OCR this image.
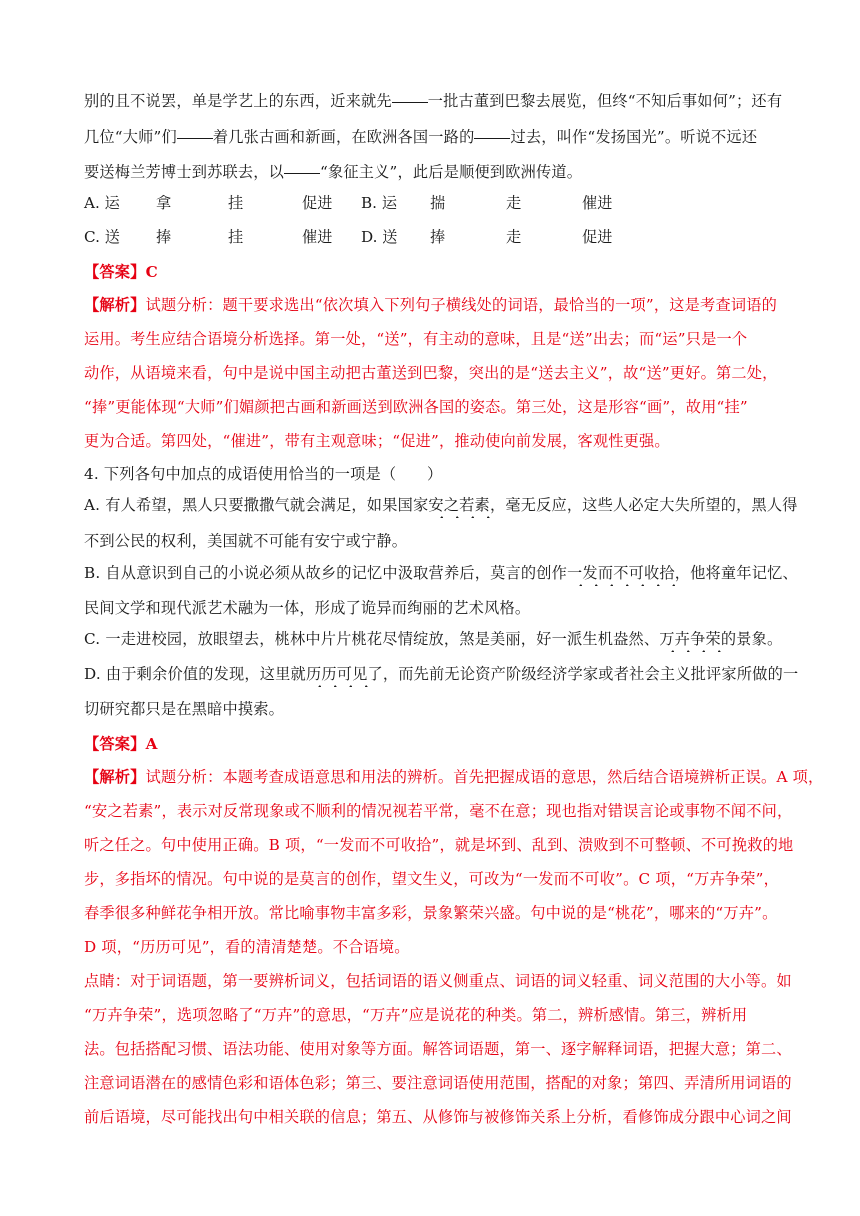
别的且不说罢，单是学艺上的东西，近来就先 一批古董到巴黎去展览，但终“不知后事如何”；还有
几位“大师”们 着几张古画和新画，在欧洲各国一路的 过去，叫作“发扬国光”。听说不远还
要送梅兰芳博士到苏联去，以 “象征主义”，此后是顺便到欧洲传道。
A. 运 拿	挂	促进 B. 运 揣	走	催进
C. 送 捧	挂	催进 D. 送 捧	走	促进
【答案】C
【解析】试题分析：题干要求选出“依次填入下列句子横线处的词语，最恰当的一项”，这是考查词语的
运用。考生应结合语境分析选择。第一处，“送”，有主动的意味，且是“送”出去；而“运”只是一个
动作，从语境来看，句中是说中国主动把古董送到巴黎，突出的是“送去主义”，故“送”更好。第二处，
“捧”更能体现“大师”们媚颜把古画和新画送到欧洲各国的姿态。第三处，这是形容“画”，故用“挂”
更为合适。第四处，“催进”，带有主观意味；“促进”，推动使向前发展，客观性更强。
4. 下列各句中加点的成语使用恰当的一项是（　　）
A. 有人希望，黑人只要撒撒气就会满足，如果国家安之若素，毫无反应，这些人必定大失所望的，黑人得
不到公民的权利，美国就不可能有安宁或宁静。
B. 自从意识到自己的小说必须从故乡的记忆中汲取营养后，莫言的创作一发而不可收拾，他将童年记忆、
民间文学和现代派艺术融为一体，形成了诡异而绚丽的艺术风格。
C. 一走进校园，放眼望去，桃林中片片桃花尽情绽放，煞是美丽，好一派生机盎然、万卉争荣的景象。
D. 由于剩余价值的发现，这里就历历可见了，而先前无论资产阶级经济学家或者社会主义批评家所做的一
切研究都只是在黑暗中摸索。
【答案】A
【解析】试题分析：本题考查成语意思和用法的辨析。首先把握成语的意思，然后结合语境辨析正误。A 项，
“安之若素”，表示对反常现象或不顺利的情况视若平常，毫不在意；现也指对错误言论或事物不闻不问，
听之任之。句中使用正确。B 项，“一发而不可收拾”，就是坏到、乱到、溃败到不可整顿、不可挽救的地
步，多指坏的情况。句中说的是莫言的创作，望文生义，可改为“一发而不可收”。C 项，“万卉争荣”，
春季很多种鲜花争相开放。常比喻事物丰富多彩，景象繁荣兴盛。句中说的是“桃花”，哪来的“万卉”。
D 项，“历历可见”，看的清清楚楚。不合语境。
点睛：对于词语题，第一要辨析词义，包括词语的语义侧重点、词语的词义轻重、词义范围的大小等。如
“万卉争荣”，选项忽略了“万卉”的意思，“万卉”应是说花的种类。第二，辨析感情。第三，辨析用
法。包括搭配习惯、语法功能、使用对象等方面。解答词语题，第一、逐字解释词语，把握大意；第二、
注意词语潜在的感情色彩和语体色彩；第三、要注意词语使用范围，搭配的对象；第四、弄清所用词语的
前后语境，尽可能找出句中相关联的信息；第五、从修饰与被修饰关系上分析，看修饰成分跟中心词之间
